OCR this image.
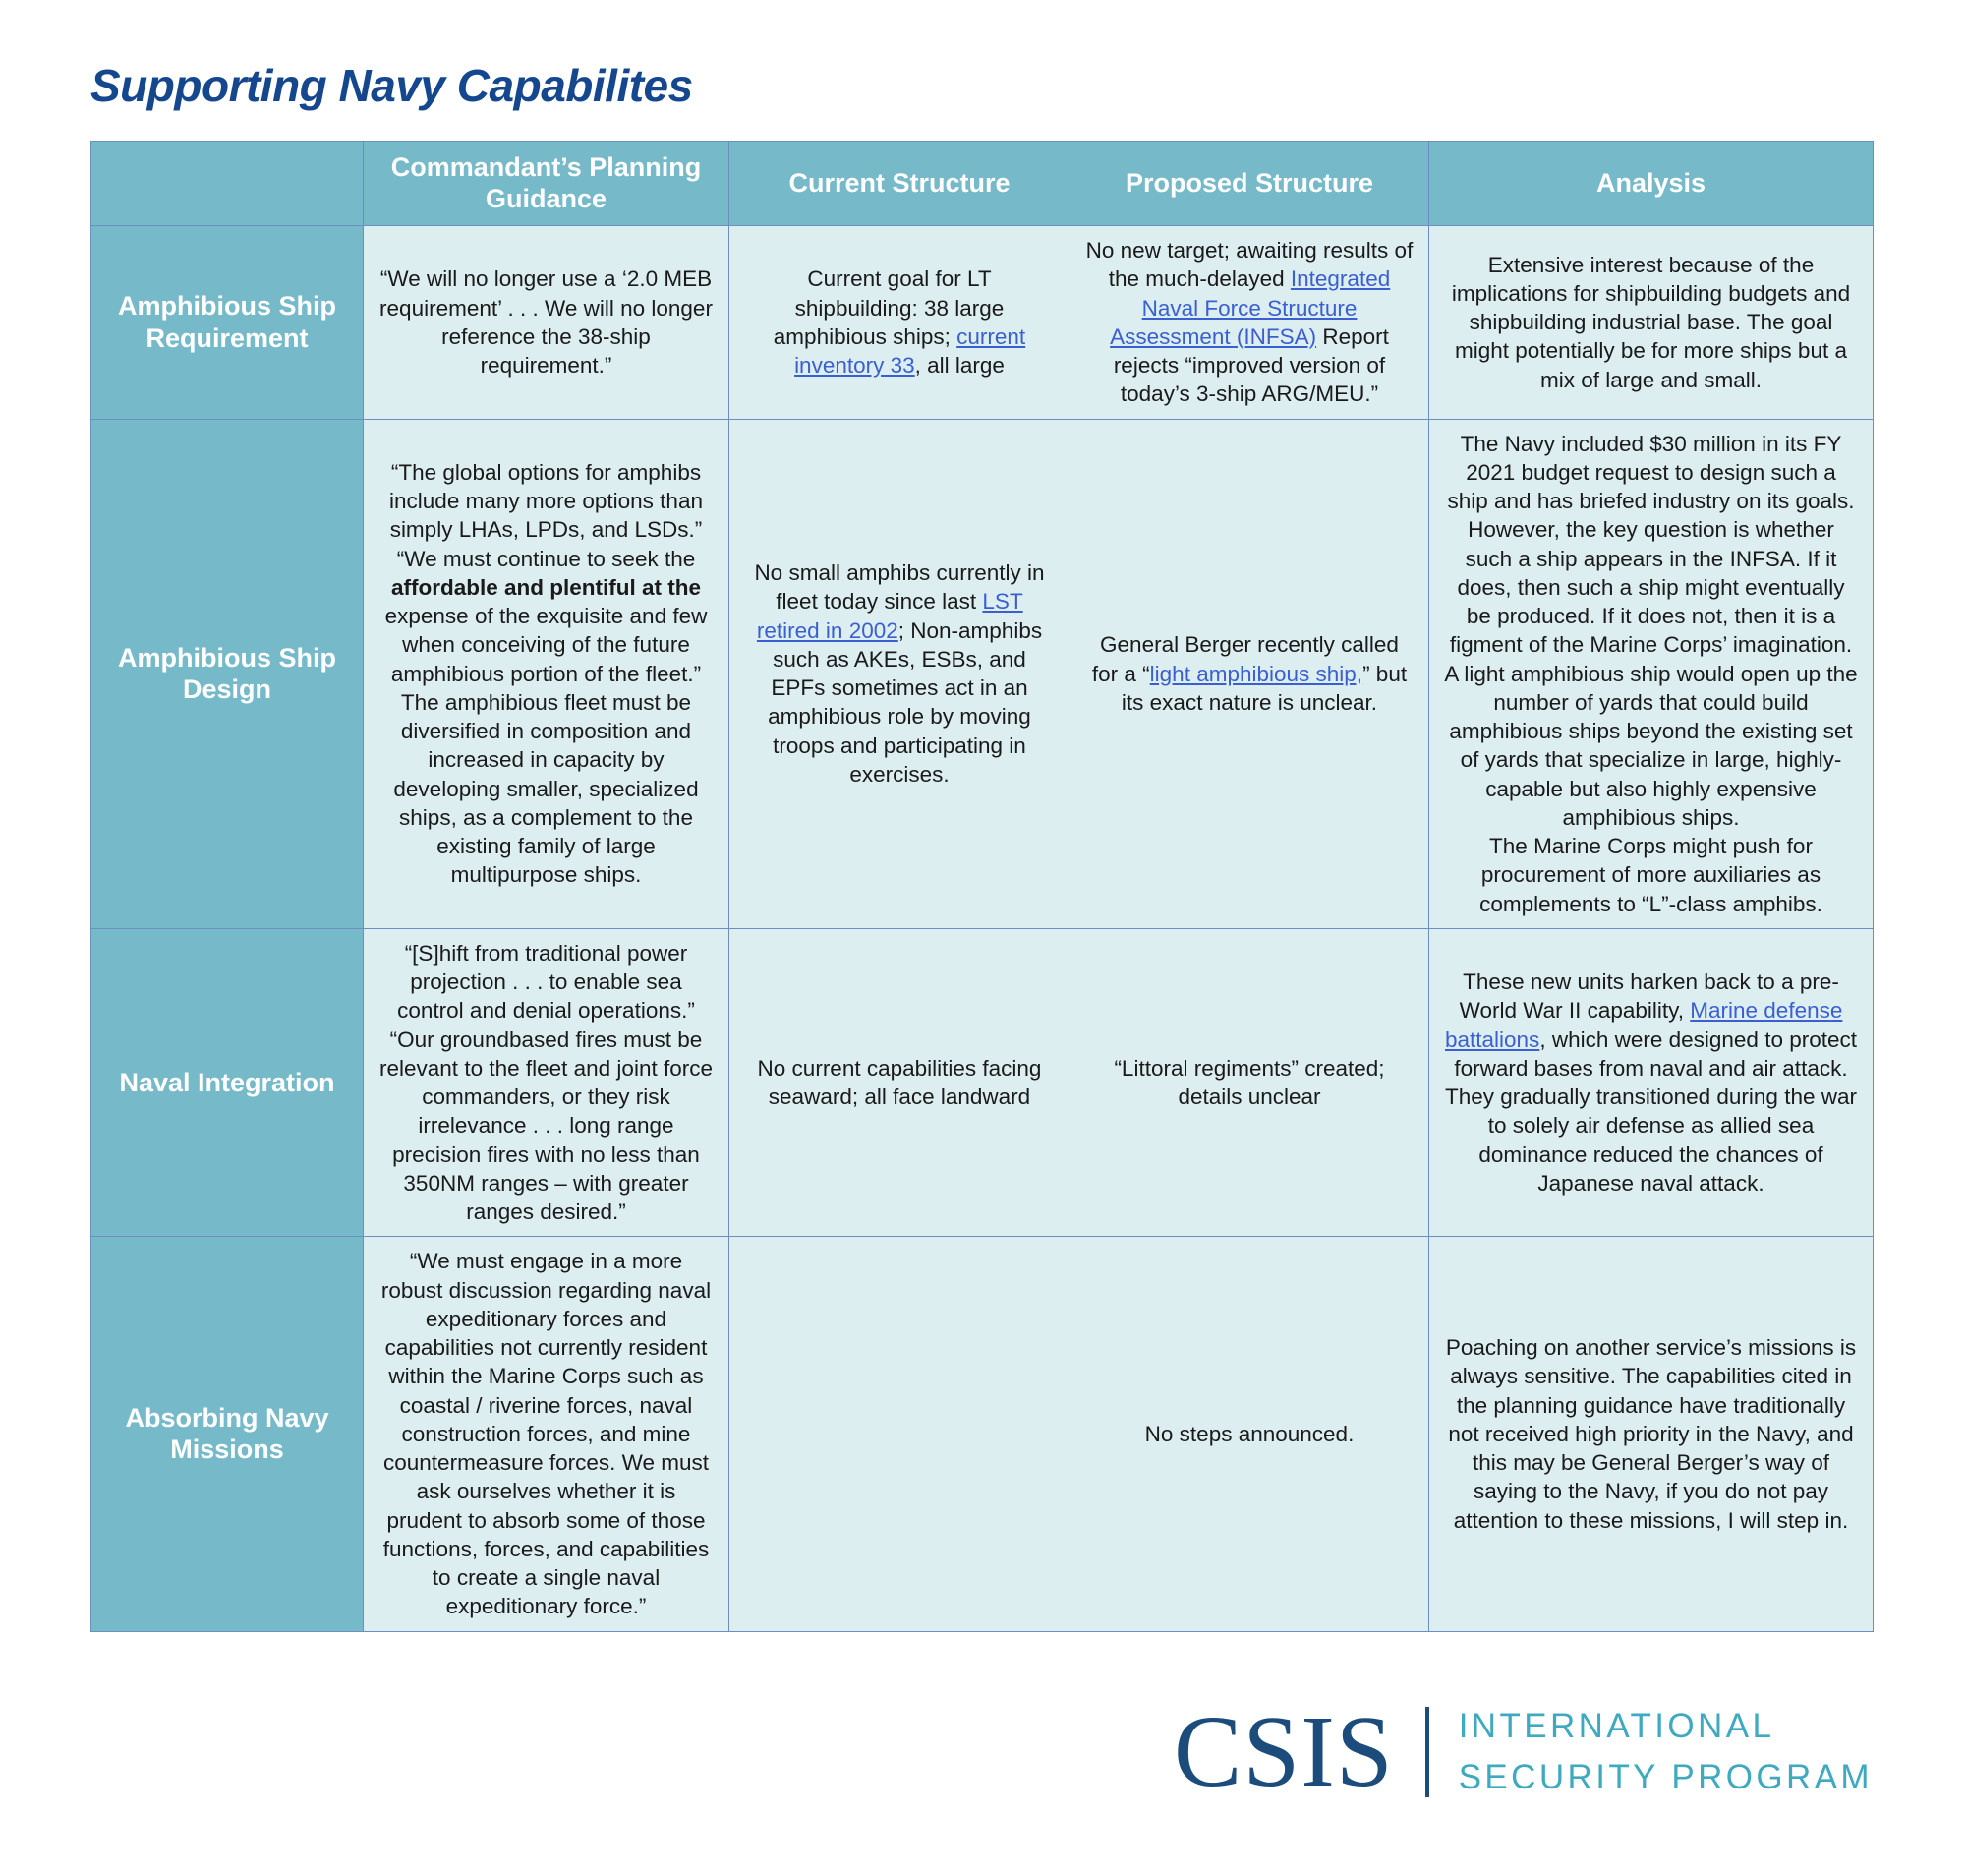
Supporting Navy Capabilites
	Commandant’s Planning Guidance	Current Structure	Proposed Structure	Analysis
Amphibious Ship Requirement	“We will no longer use a ‘2.0 MEB requirement’ . . . We will no longer reference the 38-ship requirement.”	Current goal for LT shipbuilding: 38 large amphibious ships; current inventory 33, all large	No new target; awaiting results of the much-delayed Integrated Naval Force Structure Assessment (INFSA) Report rejects “improved version of today’s 3-ship ARG/MEU.”	Extensive interest because of the implications for shipbuilding budgets and shipbuilding industrial base. The goal might potentially be for more ships but a mix of large and small.
Amphibious Ship Design	“The global options for amphibs include many more options than simply LHAs, LPDs, and LSDs.” “We must continue to seek the affordable and plentiful at the expense of the exquisite and few when conceiving of the future amphibious portion of the fleet.” The amphibious fleet must be diversified in composition and increased in capacity by developing smaller, specialized ships, as a complement to the existing family of large multipurpose ships.	No small amphibs currently in fleet today since last LST retired in 2002; Non-amphibs such as AKEs, ESBs, and EPFs sometimes act in an amphibious role by moving troops and participating in exercises.	General Berger recently called for a “light amphibious ship,” but its exact nature is unclear.	The Navy included $30 million in its FY 2021 budget request to design such a ship and has briefed industry on its goals. However, the key question is whether such a ship appears in the INFSA. If it does, then such a ship might eventually be produced. If it does not, then it is a figment of the Marine Corps’ imagination.
A light amphibious ship would open up the number of yards that could build amphibious ships beyond the existing set of yards that specialize in large, highly-capable but also highly expensive amphibious ships.
The Marine Corps might push for procurement of more auxiliaries as complements to “L”-class amphibs.
Naval Integration	“[S]hift from traditional power projection . . . to enable sea control and denial operations.”
“Our groundbased fires must be relevant to the fleet and joint force commanders, or they risk irrelevance . . . long range precision fires with no less than 350NM ranges – with greater ranges desired.”	No current capabilities facing seaward; all face landward	“Littoral regiments” created; details unclear	These new units harken back to a pre-World War II capability, Marine defense battalions, which were designed to protect forward bases from naval and air attack. They gradually transitioned during the war to solely air defense as allied sea dominance reduced the chances of Japanese naval attack.
Absorbing Navy Missions	“We must engage in a more robust discussion regarding naval expeditionary forces and capabilities not currently resident within the Marine Corps such as coastal / riverine forces, naval construction forces, and mine countermeasure forces. We must ask ourselves whether it is prudent to absorb some of those functions, forces, and capabilities to create a single naval expeditionary force.”		No steps announced.	Poaching on another service’s missions is always sensitive. The capabilities cited in the planning guidance have traditionally not received high priority in the Navy, and this may be General Berger’s way of saying to the Navy, if you do not pay attention to these missions, I will step in.
CSIS INTERNATIONAL
SECURITY PROGRAM
